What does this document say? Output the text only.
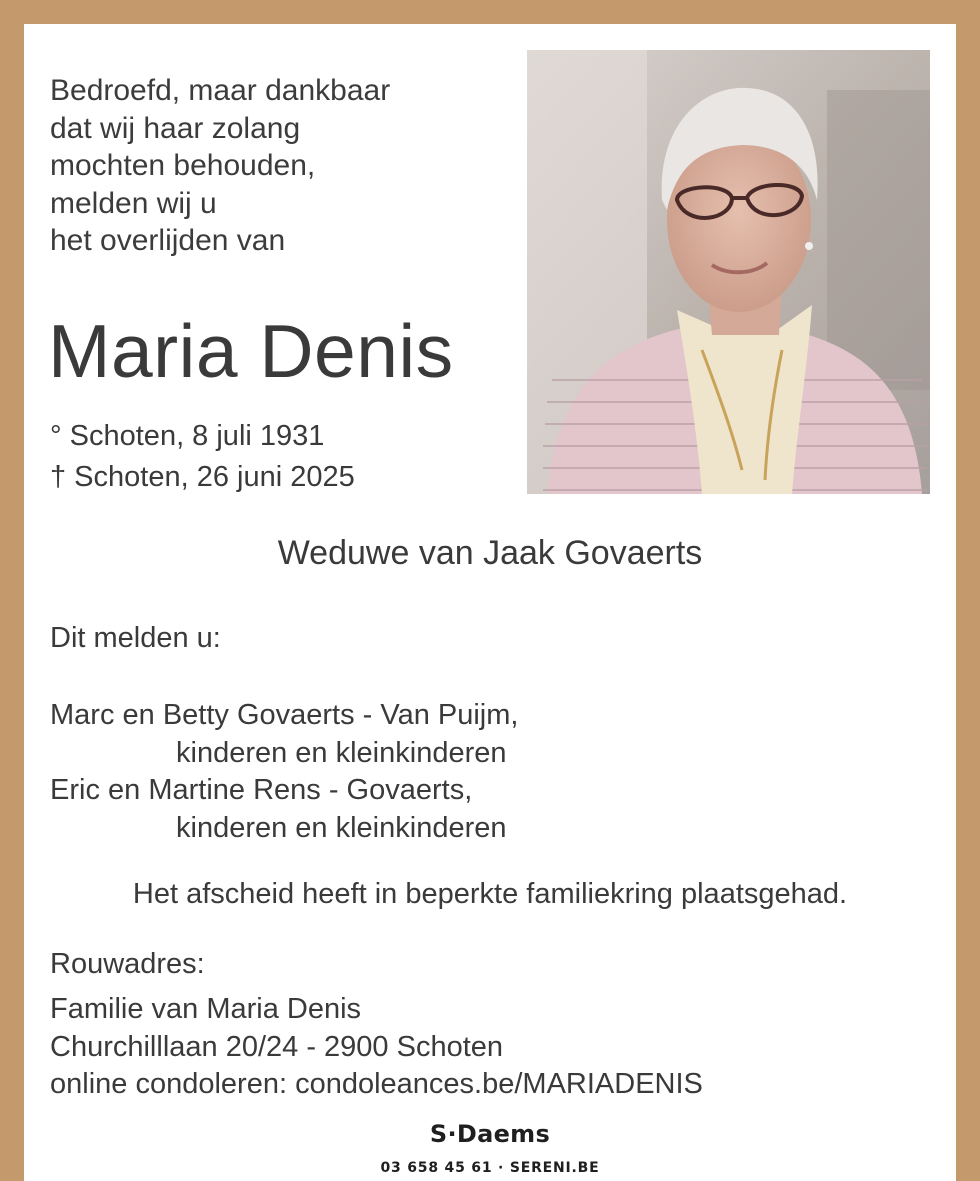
Bedroefd, maar dankbaar
dat wij haar zolang
mochten behouden,
melden wij u
het overlijden van
Maria Denis
° Schoten, 8 juli 1931
† Schoten, 26 juni 2025
Weduwe van Jaak Govaerts
Dit melden u:
Marc en Betty Govaerts - Van Puijm,
kinderen en kleinkinderen
Eric en Martine Rens - Govaerts,
kinderen en kleinkinderen
Het afscheid heeft in beperkte familiekring plaatsgehad.
Rouwadres:
Familie van Maria Denis
Churchilllaan 20/24 - 2900 Schoten
online condoleren: condoleances.be/MARIADENIS
S·Daems
03 658 45 61 · SERENI.BE
